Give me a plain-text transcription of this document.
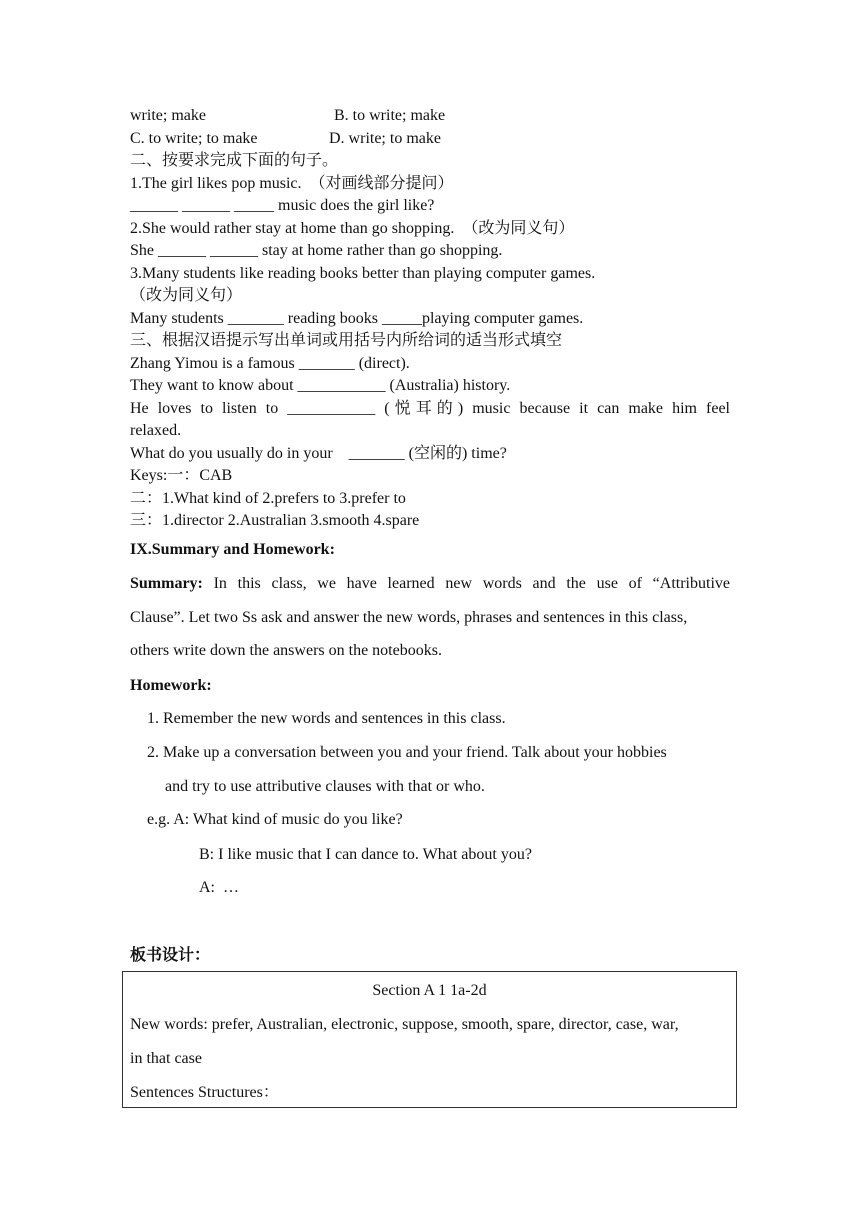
write; make	B. to write; make
C. to write; to make	D. write; to make
二、按要求完成下面的句子。
1.The girl likes pop music.  （对画线部分提问）
______ ______ _____ music does the girl like?
2.She would rather stay at home than go shopping.  （改为同义句）
She ______ ______ stay at home rather than go shopping.
3.Many students like reading books better than playing computer games.
（改为同义句）
Many students _______ reading books _____playing computer games.
三、根据汉语提示写出单词或用括号内所给词的适当形式填空
Zhang Yimou is a famous _______ (direct).
They want to know about ___________ (Australia) history.
He loves to listen to ___________ (悦耳的) music because it can make him feel
relaxed.
What do you usually do in your    _______ (空闲的) time?
Keys:一：CAB
二：1.What kind of 2.prefers to 3.prefer to
三：1.director 2.Australian 3.smooth 4.spare
IX.Summary and Homework:
Summary: In this class, we have learned new words and the use of “Attributive
Clause”. Let two Ss ask and answer the new words, phrases and sentences in this class,
others write down the answers on the notebooks.
Homework:
1. Remember the new words and sentences in this class.
2. Make up a conversation between you and your friend. Talk about your hobbies
and try to use attributive clauses with that or who.
e.g. A: What kind of music do you like?
B: I like music that I can dance to. What about you?
A:  …
板书设计：
Section A 1 1a-2d
New words: prefer, Australian, electronic, suppose, smooth, spare, director, case, war,
in that case
Sentences Structures：
